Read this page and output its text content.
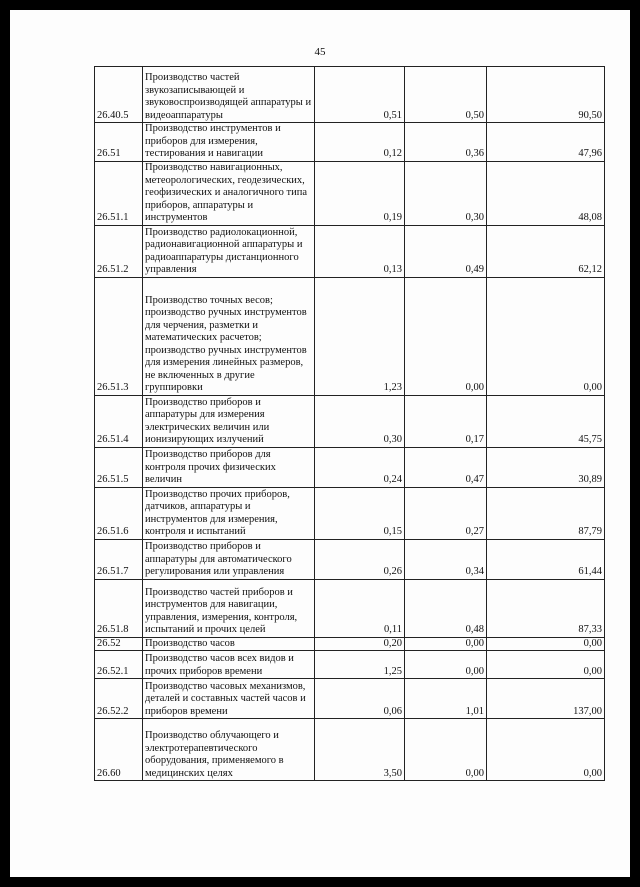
45
26.40.5	Производство частей звукозаписывающей и звуковоспроизводящей аппаратуры и видеоаппаратуры	0,51	0,50	90,50
26.51	Производство инструментов и приборов для измерения, тестирования и навигации	0,12	0,36	47,96
26.51.1	Производство навигационных, метеорологических, геодезических, геофизических и аналогичного типа приборов, аппаратуры и инструментов	0,19	0,30	48,08
26.51.2	Производство радиолокационной, радионавигационной аппаратуры и радиоаппаратуры дистанционного управления	0,13	0,49	62,12
26.51.3	Производство точных весов; производство ручных инструментов для черчения, разметки и математических расчетов; производство ручных инструментов для измерения линейных размеров, не включенных в другие группировки	1,23	0,00	0,00
26.51.4	Производство приборов и аппаратуры для измерения электрических величин или ионизирующих излучений	0,30	0,17	45,75
26.51.5	Производство приборов для контроля прочих физических величин	0,24	0,47	30,89
26.51.6	Производство прочих приборов, датчиков, аппаратуры и инструментов для измерения, контроля и испытаний	0,15	0,27	87,79
26.51.7	Производство приборов и аппаратуры для автоматического регулирования или управления	0,26	0,34	61,44
26.51.8	Производство частей приборов и инструментов для навигации, управления, измерения, контроля, испытаний и прочих целей	0,11	0,48	87,33
26.52	Производство часов	0,20	0,00	0,00
26.52.1	Производство часов всех видов и прочих приборов времени	1,25	0,00	0,00
26.52.2	Производство часовых механизмов, деталей и составных частей часов и приборов времени	0,06	1,01	137,00
26.60	Производство облучающего и электротерапевтического оборудования, применяемого в медицинских целях	3,50	0,00	0,00
